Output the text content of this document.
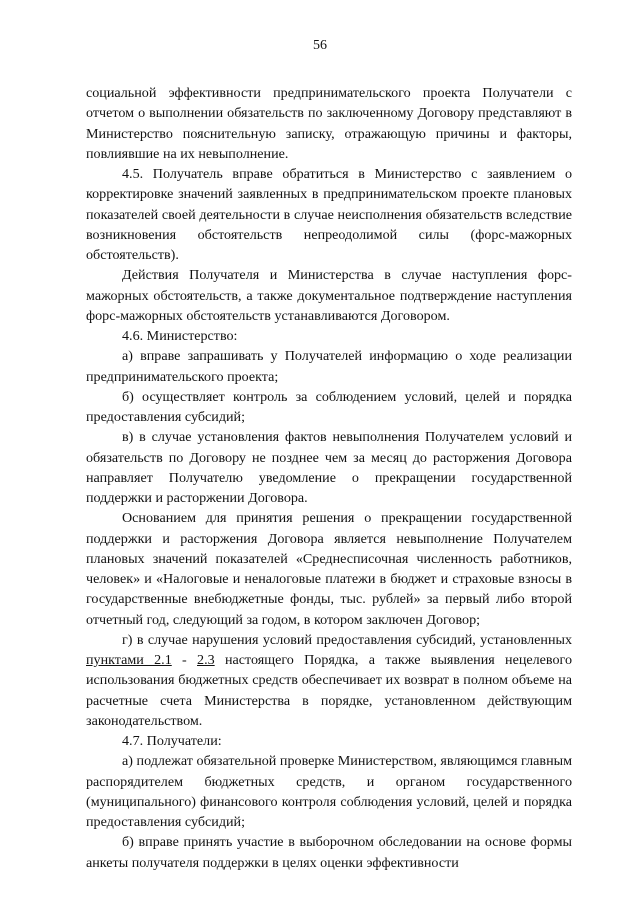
56

социальной эффективности предпринимательского проекта Получатели с отчетом о выполнении обязательств по заключенному Договору представляют в Министерство пояснительную записку, отражающую причины и факторы, повлиявшие на их невыполнение.

4.5. Получатель вправе обратиться в Министерство с заявлением о корректировке значений заявленных в предпринимательском проекте плановых показателей своей деятельности в случае неисполнения обязательств вследствие возникновения обстоятельств непреодолимой силы (форс-мажорных обстоятельств).

Действия Получателя и Министерства в случае наступления форс-мажорных обстоятельств, а также документальное подтверждение наступления форс-мажорных обстоятельств устанавливаются Договором.

4.6. Министерство:

а) вправе запрашивать у Получателей информацию о ходе реализации предпринимательского проекта;

б) осуществляет контроль за соблюдением условий, целей и порядка предоставления субсидий;

в) в случае установления фактов невыполнения Получателем условий и обязательств по Договору не позднее чем за месяц до расторжения Договора направляет Получателю уведомление о прекращении государственной поддержки и расторжении Договора.

Основанием для принятия решения о прекращении государственной поддержки и расторжения Договора является невыполнение Получателем плановых значений показателей «Среднесписочная численность работников, человек» и «Налоговые и неналоговые платежи в бюджет и страховые взносы в государственные внебюджетные фонды, тыс. рублей» за первый либо второй отчетный год, следующий за годом, в котором заключен Договор;

г) в случае нарушения условий предоставления субсидий, установленных пунктами 2.1 - 2.3 настоящего Порядка, а также выявления нецелевого использования бюджетных средств обеспечивает их возврат в полном объеме на расчетные счета Министерства в порядке, установленном действующим законодательством.

4.7. Получатели:

а) подлежат обязательной проверке Министерством, являющимся главным распорядителем бюджетных средств, и органом государственного (муниципального) финансового контроля соблюдения условий, целей и порядка предоставления субсидий;

б) вправе принять участие в выборочном обследовании на основе формы анкеты получателя поддержки в целях оценки эффективности
